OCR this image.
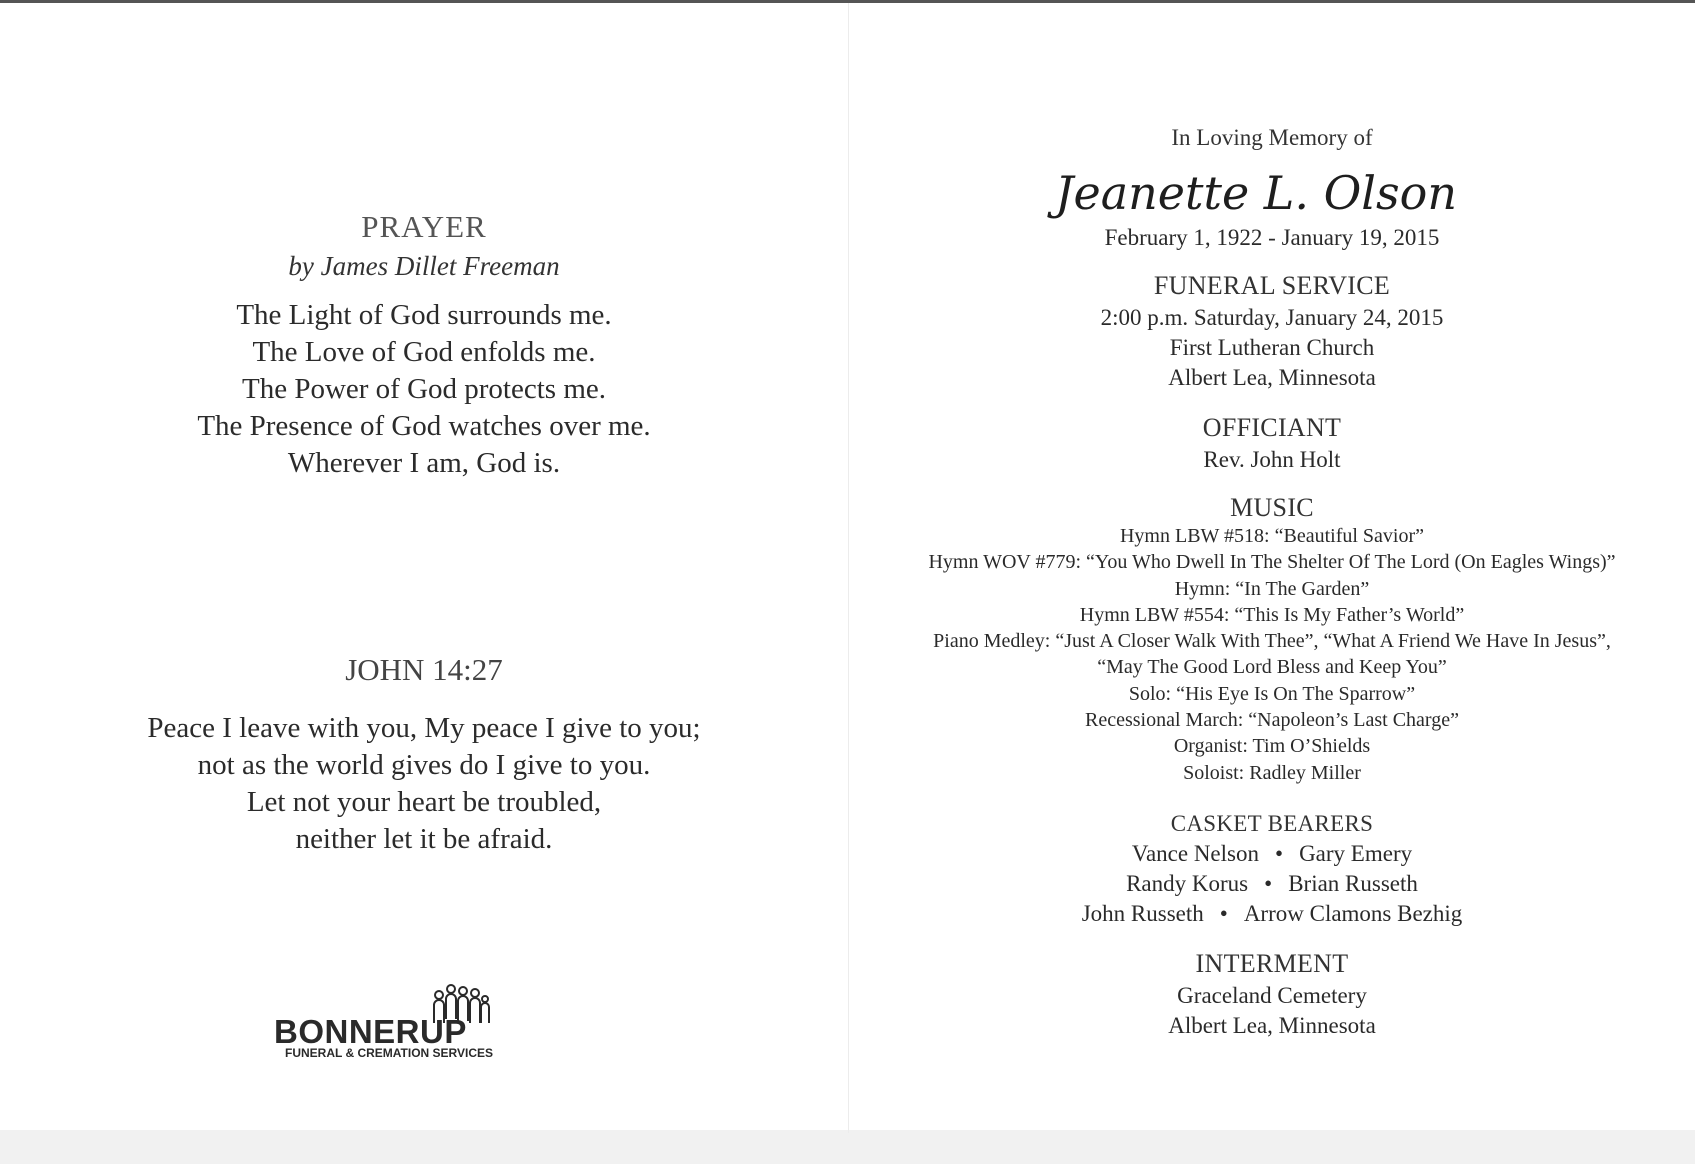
PRAYER
by James Dillet Freeman
The Light of God surrounds me.
The Love of God enfolds me.
The Power of God protects me.
The Presence of God watches over me.
Wherever I am, God is.
JOHN 14:27
Peace I leave with you, My peace I give to you;
not as the world gives do I give to you.
Let not your heart be troubled,
neither let it be afraid.
BONNERUP
FUNERAL & CREMATION SERVICES
In Loving Memory of
Jeanette L. Olson
February 1, 1922 - January 19, 2015
FUNERAL SERVICE
2:00 p.m. Saturday, January 24, 2015
First Lutheran Church
Albert Lea, Minnesota
OFFICIANT
Rev. John Holt
MUSIC
Hymn LBW #518: “Beautiful Savior”
Hymn WOV #779: “You Who Dwell In The Shelter Of The Lord (On Eagles Wings)”
Hymn: “In The Garden”
Hymn LBW #554: “This Is My Father’s World”
Piano Medley: “Just A Closer Walk With Thee”, “What A Friend We Have In Jesus”,
“May The Good Lord Bless and Keep You”
Solo: “His Eye Is On The Sparrow”
Recessional March: “Napoleon’s Last Charge”
Organist: Tim O’Shields
Soloist: Radley Miller
CASKET BEARERS
Vance Nelson • Gary Emery
Randy Korus • Brian Russeth
John Russeth • Arrow Clamons Bezhig
INTERMENT
Graceland Cemetery
Albert Lea, Minnesota
